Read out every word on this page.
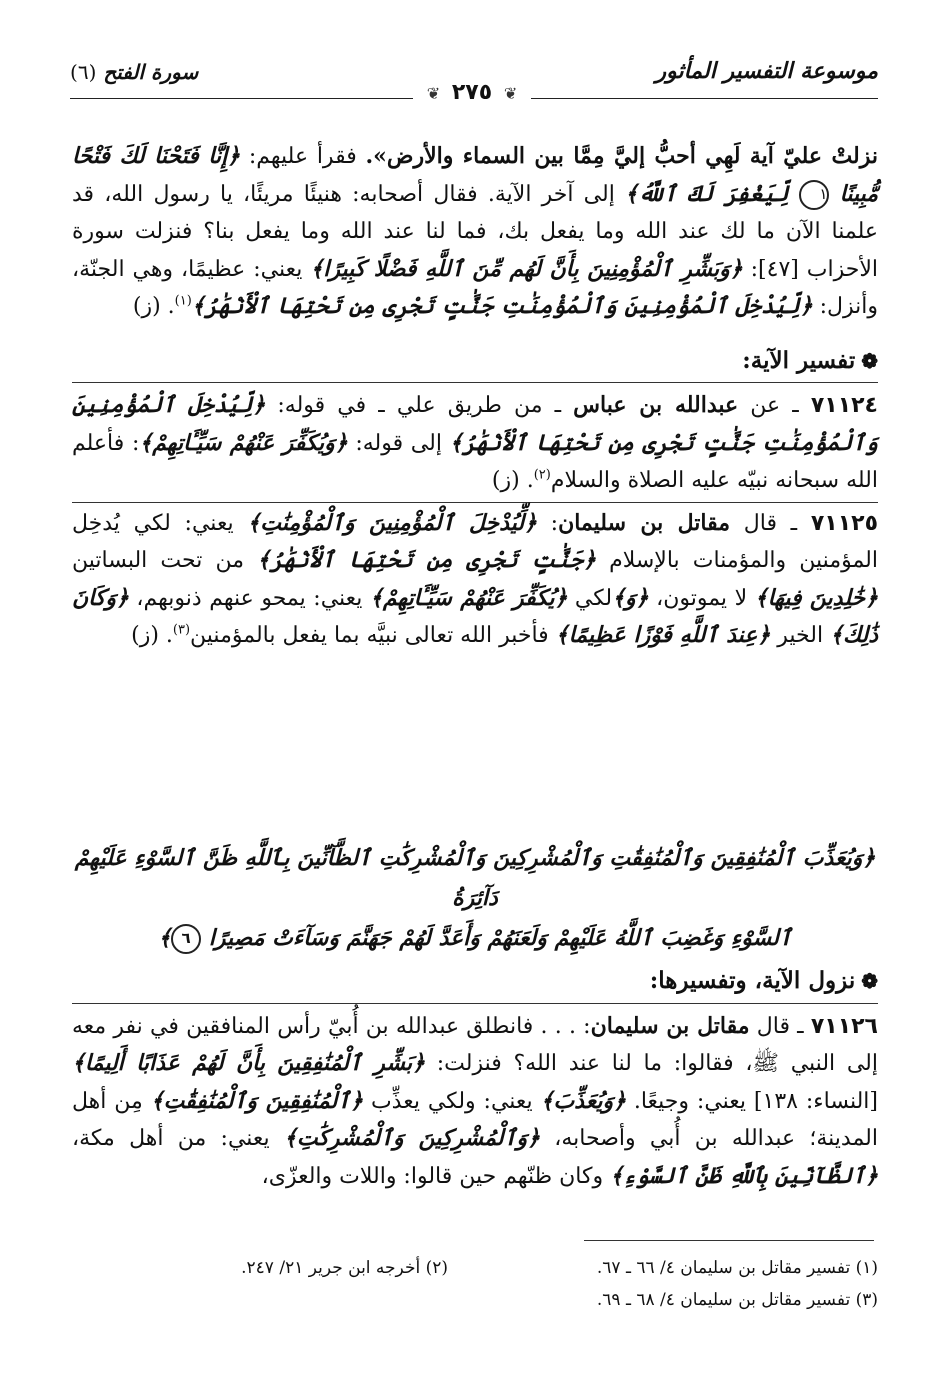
موسوعة التفسير المأثور
سورة الفتح (٦)
❦ ٢٧٥ ❦

نزلتْ عليّ آية لَهِي أحبُّ إليَّ مِمَّا بين السماء والأرض». فقرأ عليهم: ﴿إِنَّا فَتَحْنَا لَكَ فَتْحًا مُّبِينًا ١ لِّيَغْفِرَ لَكَ ٱللَّهُ﴾ إلى آخر الآية. فقال أصحابه: هنيئًا مريئًا، يا رسول الله، قد علمنا الآن ما لك عند الله وما يفعل بك، فما لنا عند الله وما يفعل بنا؟ فنزلت سورة الأحزاب [٤٧]: ﴿وَبَشِّرِ ٱلْمُؤْمِنِينَ بِأَنَّ لَهُم مِّنَ ٱللَّهِ فَضْلًا كَبِيرًا﴾ يعني: عظيمًا، وهي الجنّة، وأنزل: ﴿لِّيُدْخِلَ ٱلْمُؤْمِنِينَ وَٱلْمُؤْمِنَٰتِ جَنَّٰتٍ تَجْرِى مِن تَحْتِهَا ٱلْأَنْهَٰرُ﴾$^{(١)}$. (ز)

❁تفسير الآية:

٧١١٢٤ ـ عن عبدالله بن عباس ـ من طريق علي ـ في قوله: ﴿لِّيُدْخِلَ ٱلْمُؤْمِنِينَ وَٱلْمُؤْمِنَٰتِ جَنَّٰتٍ تَجْرِى مِن تَحْتِهَا ٱلْأَنْهَٰرُ﴾ إلى قوله: ﴿وَيُكَفِّرَ عَنْهُمْ سَيِّـَٔاتِهِمْ﴾: فأعلم الله سبحانه نبيّه عليه الصلاة والسلام$^{(٢)}$. (ز)

٧١١٢٥ ـ قال مقاتل بن سليمان: ﴿لِّيُدْخِلَ ٱلْمُؤْمِنِينَ وَٱلْمُؤْمِنَٰتِ﴾ يعني: لكي يُدخِل المؤمنين والمؤمنات بالإسلام ﴿جَنَّٰتٍ تَجْرِى مِن تَحْتِهَا ٱلْأَنْهَٰرُ﴾ من تحت البساتين ﴿خَٰلِدِينَ فِيهَا﴾ لا يموتون، ﴿وَ﴾لكي ﴿يُكَفِّرَ عَنْهُمْ سَيِّـَٔاتِهِمْ﴾ يعني: يمحو عنهم ذنوبهم، ﴿وَكَانَ ذَٰلِكَ﴾ الخير ﴿عِندَ ٱللَّهِ فَوْزًا عَظِيمًا﴾ فأخبر الله تعالى نبيَّه بما يفعل بالمؤمنين$^{(٣)}$. (ز)

﴿وَيُعَذِّبَ ٱلْمُنَٰفِقِينَ وَٱلْمُنَٰفِقَٰتِ وَٱلْمُشْرِكِينَ وَٱلْمُشْرِكَٰتِ ٱلظَّآنِّينَ بِٱللَّهِ ظَنَّ ٱلسَّوْءِ عَلَيْهِمْ دَآئِرَةُ

ٱلسَّوْءِ وَغَضِبَ ٱللَّهُ عَلَيْهِمْ وَلَعَنَهُمْ وَأَعَدَّ لَهُمْ جَهَنَّمَ وَسَآءَتْ مَصِيرًا ٦﴾

❁نزول الآية، وتفسيرها:

٧١١٢٦ ـ قال مقاتل بن سليمان: . . . فانطلق عبدالله بن أُبيّ رأس المنافقين في نفر معه إلى النبي ﷺ، فقالوا: ما لنا عند الله؟ فنزلت: ﴿بَشِّرِ ٱلْمُنَٰفِقِينَ بِأَنَّ لَهُمْ عَذَابًا أَلِيمًا﴾ [النساء: ١٣٨] يعني: وجيعًا. ﴿وَيُعَذِّبَ﴾ يعني: ولكي يعذِّب ﴿ٱلْمُنَٰفِقِينَ وَٱلْمُنَٰفِقَٰتِ﴾ مِن أهل المدينة؛ عبدالله بن أُبي وأصحابه، ﴿وَٱلْمُشْرِكِينَ وَٱلْمُشْرِكَٰتِ﴾ يعني: من أهل مكة، ﴿ٱلظَّآنِّينَ بِٱللَّهِ ظَنَّ ٱلسَّوْءِ﴾ وكان ظنّهم حين قالوا: واللات والعزّى،

(١) تفسير مقاتل بن سليمان ٤/ ٦٦ ـ ٦٧.
(٢) أخرجه ابن جرير ٢١/ ٢٤٧.
(٣) تفسير مقاتل بن سليمان ٤/ ٦٨ ـ ٦٩.
